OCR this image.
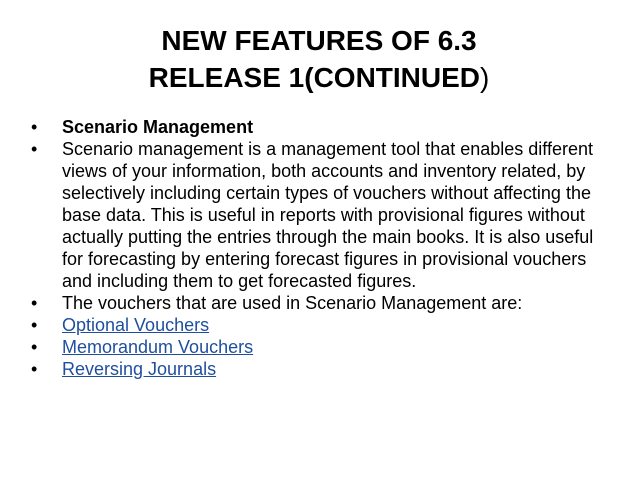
NEW FEATURES OF 6.3
RELEASE 1(CONTINUED)
•	Scenario Management
•	Scenario management is a management tool that enables different views of your information, both accounts and inventory related, by selectively including certain types of vouchers without affecting the base data. This is useful in reports with provisional figures without actually putting the entries through the main books. It is also useful for forecasting by entering forecast figures in provisional vouchers and including them to get forecasted figures.
•	The vouchers that are used in Scenario Management are:
•	Optional Vouchers
•	Memorandum Vouchers
•	Reversing Journals
